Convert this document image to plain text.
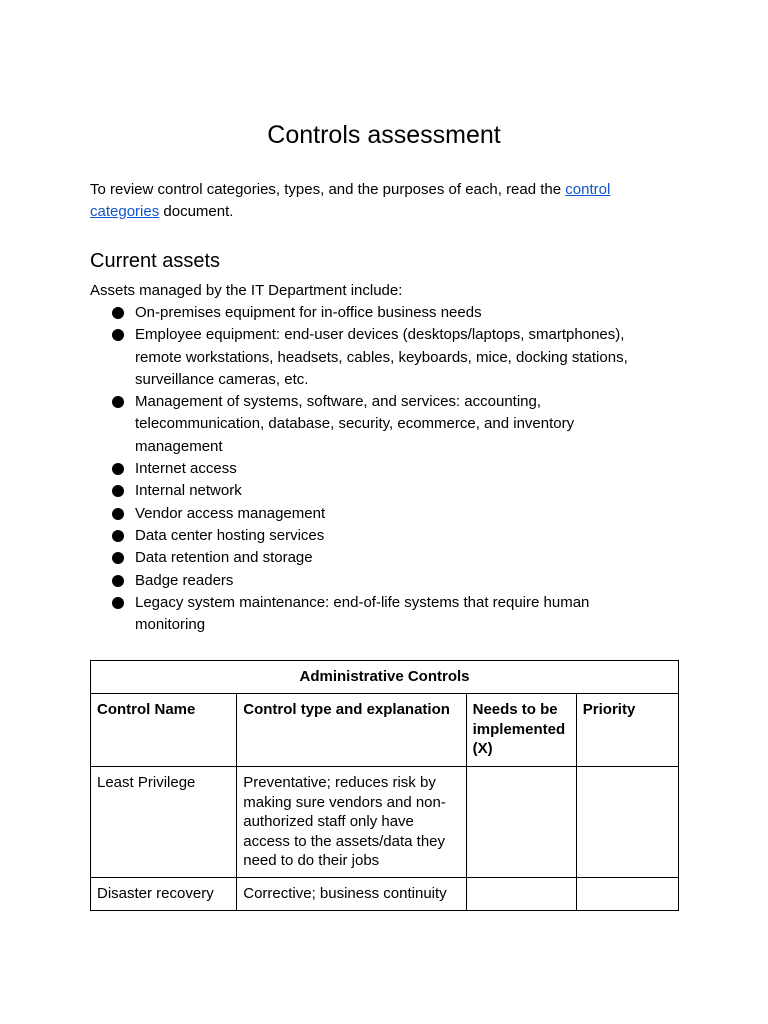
Controls assessment

To review control categories, types, and the purposes of each, read the control categories document.

Current assets

Assets managed by the IT Department include:

On-premises equipment for in-office business needs
Employee equipment: end-user devices (desktops/laptops, smartphones), remote workstations, headsets, cables, keyboards, mice, docking stations, surveillance cameras, etc.
Management of systems, software, and services: accounting, telecommunication, database, security, ecommerce, and inventory management
Internet access
Internal network
Vendor access management
Data center hosting services
Data retention and storage
Badge readers
Legacy system maintenance: end-of-life systems that require human monitoring
Administrative Controls			
Control Name	Control type and explanation	Needs to be implemented (X)	Priority
Least Privilege	Preventative; reduces risk by making sure vendors and non-authorized staff only have access to the assets/data they need to do their jobs		
Disaster recovery	Corrective; business continuity		
